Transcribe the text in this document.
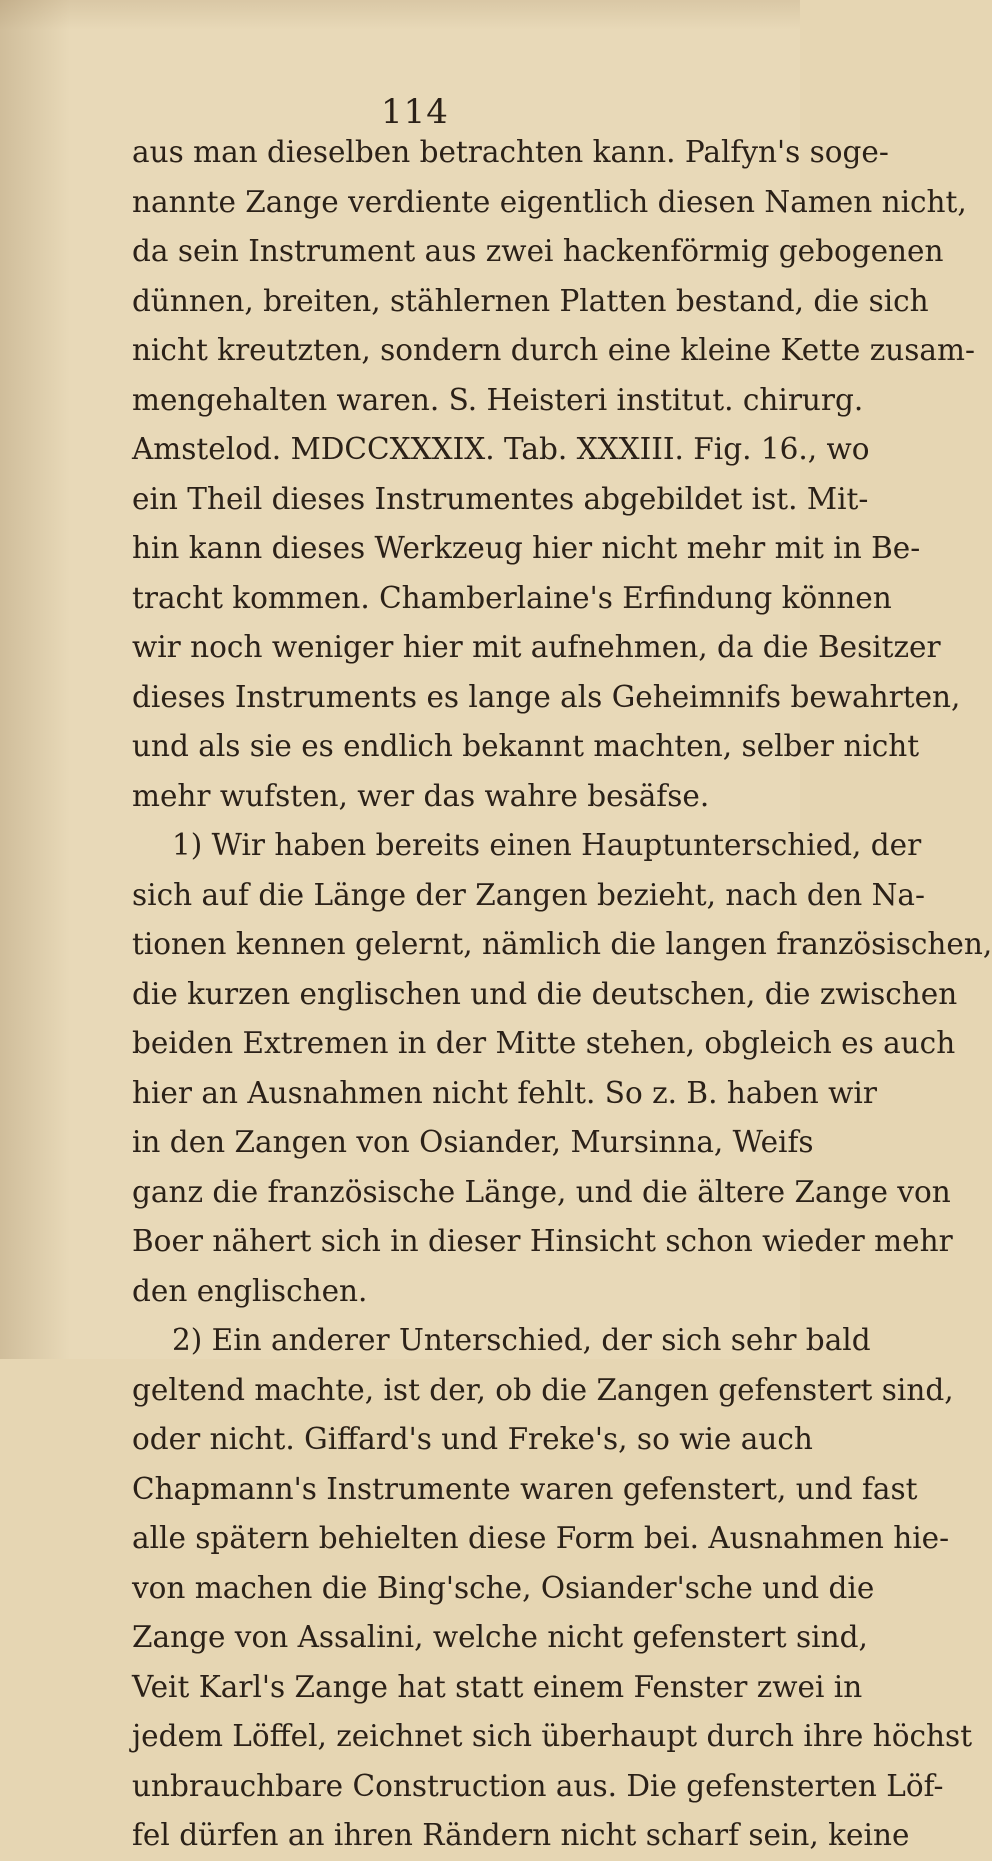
114
aus man dieselben betrachten kann. Palfyn's soge-
nannte Zange verdiente eigentlich diesen Namen nicht,
da sein Instrument aus zwei hackenförmig gebogenen
dünnen, breiten, stählernen Platten bestand, die sich
nicht kreutzten, sondern durch eine kleine Kette zusam-
mengehalten waren. S. Heisteri institut. chirurg.
Amstelod. MDCCXXXIX. Tab. XXXIII. Fig. 16., wo
ein Theil dieses Instrumentes abgebildet ist. Mit-
hin kann dieses Werkzeug hier nicht mehr mit in Be-
tracht kommen. Chamberlaine's Erfindung können
wir noch weniger hier mit aufnehmen, da die Besitzer
dieses Instruments es lange als Geheimnifs bewahrten,
und als sie es endlich bekannt machten, selber nicht
mehr wufsten, wer das wahre besäfse.
1) Wir haben bereits einen Hauptunterschied, der
sich auf die Länge der Zangen bezieht, nach den Na-
tionen kennen gelernt, nämlich die langen französischen,
die kurzen englischen und die deutschen, die zwischen
beiden Extremen in der Mitte stehen, obgleich es auch
hier an Ausnahmen nicht fehlt. So z. B. haben wir
in den Zangen von Osiander, Mursinna, Weifs
ganz die französische Länge, und die ältere Zange von
Boer nähert sich in dieser Hinsicht schon wieder mehr
den englischen.
2) Ein anderer Unterschied, der sich sehr bald
geltend machte, ist der, ob die Zangen gefenstert sind,
oder nicht. Giffard's und Freke's, so wie auch
Chapmann's Instrumente waren gefenstert, und fast
alle spätern behielten diese Form bei. Ausnahmen hie-
von machen die Bing'sche, Osiander'sche und die
Zange von Assalini, welche nicht gefenstert sind,
Veit Karl's Zange hat statt einem Fenster zwei in
jedem Löffel, zeichnet sich überhaupt durch ihre höchst
unbrauchbare Construction aus. Die gefensterten Löf-
fel dürfen an ihren Rändern nicht scharf sein, keine
